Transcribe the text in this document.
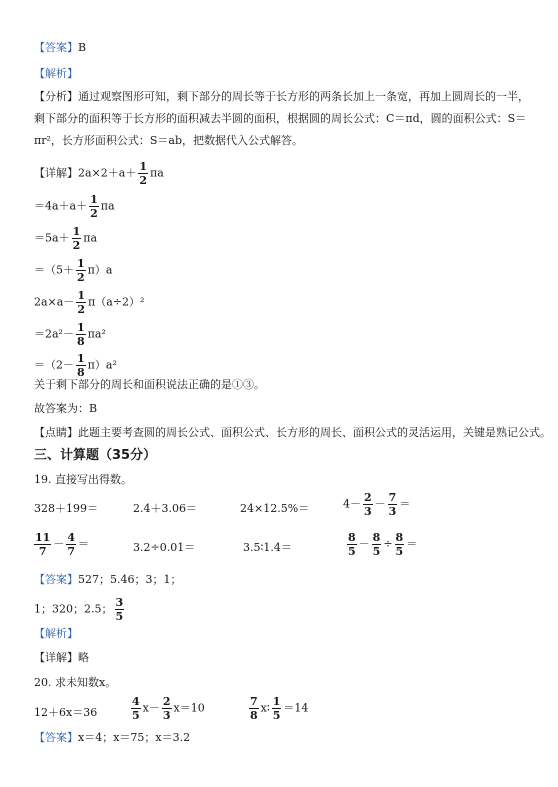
【答案】B
【解析】
【分析】通过观察图形可知，剩下部分的周长等于长方形的两条长加上一条宽，再加上圆周长的一半，剩下部分的面积等于长方形的面积减去半圆的面积，根据圆的周长公式：C＝πd，圆的面积公式：S＝πr²，长方形面积公式：S＝ab，把数据代入公式解答。
【详解】$2a\times 2+a+ \frac{1}{2}$ πa
$=4a+a+ \frac{1}{2}$ πa
$=5a+ \frac{1}{2}$ πa
$=(5+ \frac{1}{2} \pi)a$
$2a\times a- \frac{1}{2} \pi(a\div 2)^2$
$=2a^2- \frac{1}{8} \pi a^2$
$=(2- \frac{1}{8} \pi)a^2$
关于剩下部分的周长和面积说法正确的是①③。
故答案为：B
【点睛】此题主要考查圆的周长公式、面积公式、长方形的周长、面积公式的灵活运用，关键是熟记公式。
三、计算题（35分）
19. 直接写出得数。
328＋199＝	2.4＋3.06＝	24×12.5%＝	$4- \frac{2}{3} - \frac{7}{3}$ ＝
$\frac{11}{7} - \frac{4}{7}$ ＝	3.2÷0.01＝	3.5∶1.4＝	$\frac{8}{5} - \frac{8}{5} \div \frac{8}{5}$ ＝
【答案】527；5.46；3；1；
1；320；2.5； $\frac{3}{5}$
【解析】
【详解】略
20. 求未知数x。
12＋6x＝36	$\frac{4}{5} x- \frac{2}{3} x=10$	$\frac{7}{8}$ x∶ $\frac{1}{5} =14$
【答案】x＝4；x＝75；x＝3.2
